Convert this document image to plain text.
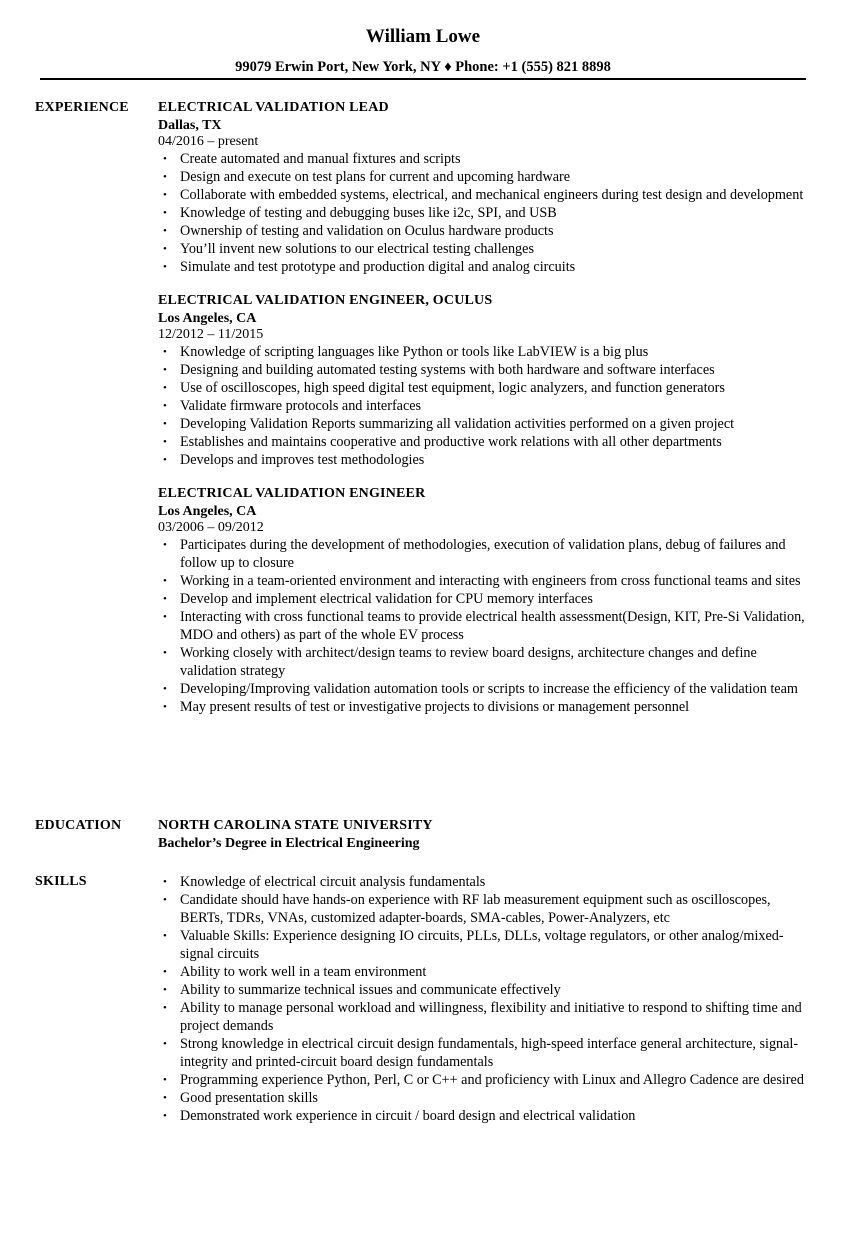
William Lowe
99079 Erwin Port, New York, NY ♦ Phone: +1 (555) 821 8898
EXPERIENCE ELECTRICAL VALIDATION LEAD
Dallas, TX
04/2016 – present
• Create automated and manual fixtures and scripts
• Design and execute on test plans for current and upcoming hardware
• Collaborate with embedded systems, electrical, and mechanical engineers during test design and development
• Knowledge of testing and debugging buses like i2c, SPI, and USB
• Ownership of testing and validation on Oculus hardware products
• You’ll invent new solutions to our electrical testing challenges
• Simulate and test prototype and production digital and analog circuits
ELECTRICAL VALIDATION ENGINEER, OCULUS
Los Angeles, CA
12/2012 – 11/2015
• Knowledge of scripting languages like Python or tools like LabVIEW is a big plus
• Designing and building automated testing systems with both hardware and software interfaces
• Use of oscilloscopes, high speed digital test equipment, logic analyzers, and function generators
• Validate firmware protocols and interfaces
• Developing Validation Reports summarizing all validation activities performed on a given project
• Establishes and maintains cooperative and productive work relations with all other departments
• Develops and improves test methodologies
ELECTRICAL VALIDATION ENGINEER
Los Angeles, CA
03/2006 – 09/2012
• Participates during the development of methodologies, execution of validation plans, debug of failures and follow up to closure
• Working in a team-oriented environment and interacting with engineers from cross functional teams and sites
• Develop and implement electrical validation for CPU memory interfaces
• Interacting with cross functional teams to provide electrical health assessment(Design, KIT, Pre-Si Validation, MDO and others) as part of the whole EV process
• Working closely with architect/design teams to review board designs, architecture changes and define validation strategy
• Developing/Improving validation automation tools or scripts to increase the efficiency of the validation team
• May present results of test or investigative projects to divisions or management personnel
EDUCATION	NORTH CAROLINA STATE UNIVERSITY
Bachelor’s Degree in Electrical Engineering
SKILLS	• Knowledge of electrical circuit analysis fundamentals
• Candidate should have hands-on experience with RF lab measurement equipment such as oscilloscopes, BERTs, TDRs, VNAs, customized adapter-boards, SMA-cables, Power-Analyzers, etc
• Valuable Skills: Experience designing IO circuits, PLLs, DLLs, voltage regulators, or other analog/mixed-signal circuits
• Ability to work well in a team environment
• Ability to summarize technical issues and communicate effectively
• Ability to manage personal workload and willingness, flexibility and initiative to respond to shifting time and project demands
• Strong knowledge in electrical circuit design fundamentals, high-speed interface general architecture, signal-integrity and printed-circuit board design fundamentals
• Programming experience Python, Perl, C or C++ and proficiency with Linux and Allegro Cadence are desired
• Good presentation skills
• Demonstrated work experience in circuit / board design and electrical validation
